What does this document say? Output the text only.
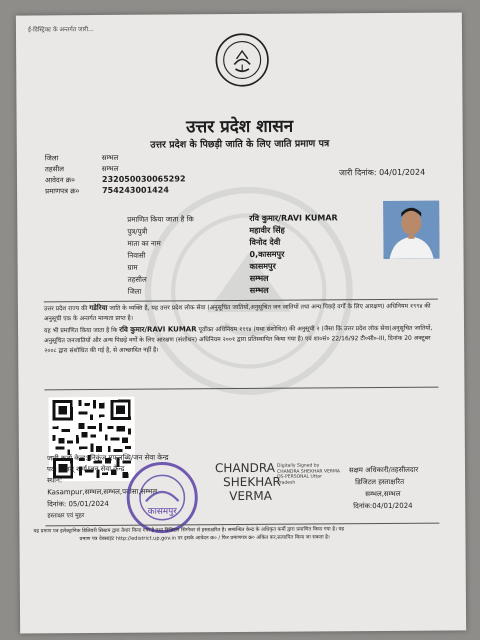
ई-डिस्ट्रिक्ट के अन्तर्गत जारी...
उत्तर प्रदेश शासन
उत्तर प्रदेश के पिछड़ी जाति के लिए जाति प्रमाण पत्र
जिला	सम्भल
तहसील	सम्भल
आवेदन क्र०	232050030065292
प्रमाणपत्र क्र०	754243001424
जारी दिनांक: 04/01/2024
प्रमाणित किया जाता है कि	रवि कुमार/RAVI KUMAR
पुत्र/पुत्री	महावीर सिंह
माता का नाम	विनोद देवी
निवासी	0,कासमपुर
ग्राम	कासमपुर
तहसील	सम्भल
जिला	सम्भल
उत्तर प्रदेश राज्य की गडेरिया जाति के व्यक्ति है, यह उत्तर प्रदेश लोक सेवा (अनुसूचित जातियों,अनुसूचित जन जातियों तथा अन्य पिछड़े वर्गों के लिए आरक्षण) अधिनियम १९९४ की अनुसूची एक के अन्तर्गत मान्यता प्राप्त है।
यह भी प्रमाणित किया जाता है कि रवि कुमार/RAVI KUMAR पूर्वोक्त अधिनियम १९९४ (यथा संशोधित) की अनुसूची २ (जैसा कि उत्तर प्रदेश लोक सेवा(अनुसूचित जातियों, अनुसूचित जनजातियों और अन्य पिछड़े वर्गों के लिए आरक्षण (संशोधन) अधिनियम २००१ द्वारा प्रतिस्थापित किया गया है) एवं शा०सं० 22/16/92 टी०सी०-III, दिनांक 20 अक्टूबर २००८ द्वारा संशोधित की गई है, से आच्छादित नहीं है।
जारी कर्ता केन्द्र: निकुंज एफलब्धि/जन सेवा केन्द्र
पद: शिवम् शर्मा/जन सेवा केन्द्र
स्थान:
Kasampur,सम्भल,सम्भल,पवांसा,सम्भल
दिनांक: 05/01/2024
हस्ताक्षर एवं मुहर	कासमपुर
CHANDRA
SHEKHAR
VERMA
Digitally Signed by CHANDRA SHEKHAR VERMA DS-PERSONAL Uttar Pradesh
सक्षम अधिकारी/तहसीलदार
डिजिटल हस्ताक्षरित
सम्भल,सम्भल
दिनांक:04/01/2024
यह प्रमाण पत्र इलेक्ट्रानिक डिलिवरी सिस्टम द्वारा तैयार किया गया है तथा डिजिटल सिग्नेचर से हस्ताक्षरित है। सम्बन्धित केन्द्र के अधिकृत कर्मी द्वारा प्रमाणित किया गया है। यह
प्रमाण पत्र वेबसाइट http://edistrict.up.gov.in पर इसके आवेदन क्र० / फिर प्रमाणपत्र क्र० अंकित कर,सत्यापित किया जा सकता है।
